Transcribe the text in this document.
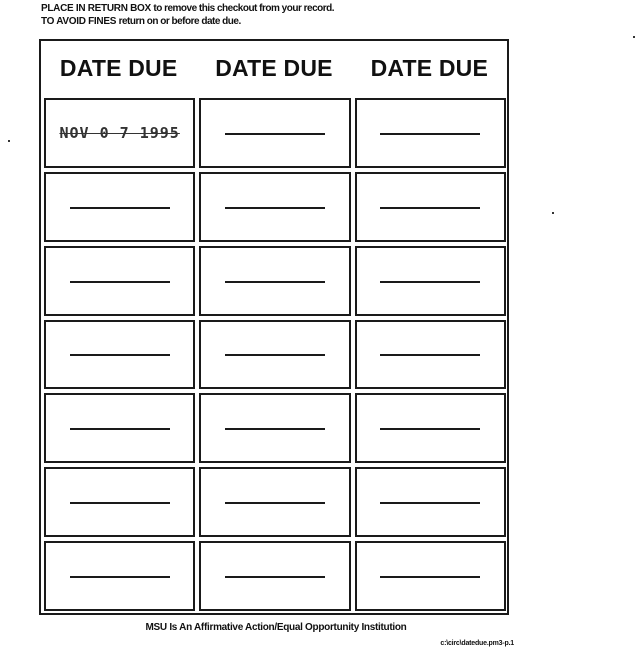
PLACE IN RETURN BOX to remove this checkout from your record.
TO AVOID FINES return on or before date due.
DATE DUE	DATE DUE	DATE DUE
NOV 0 7 1995
MSU Is An Affirmative Action/Equal Opportunity Institution
c:\circ\datedue.pm3-p.1
